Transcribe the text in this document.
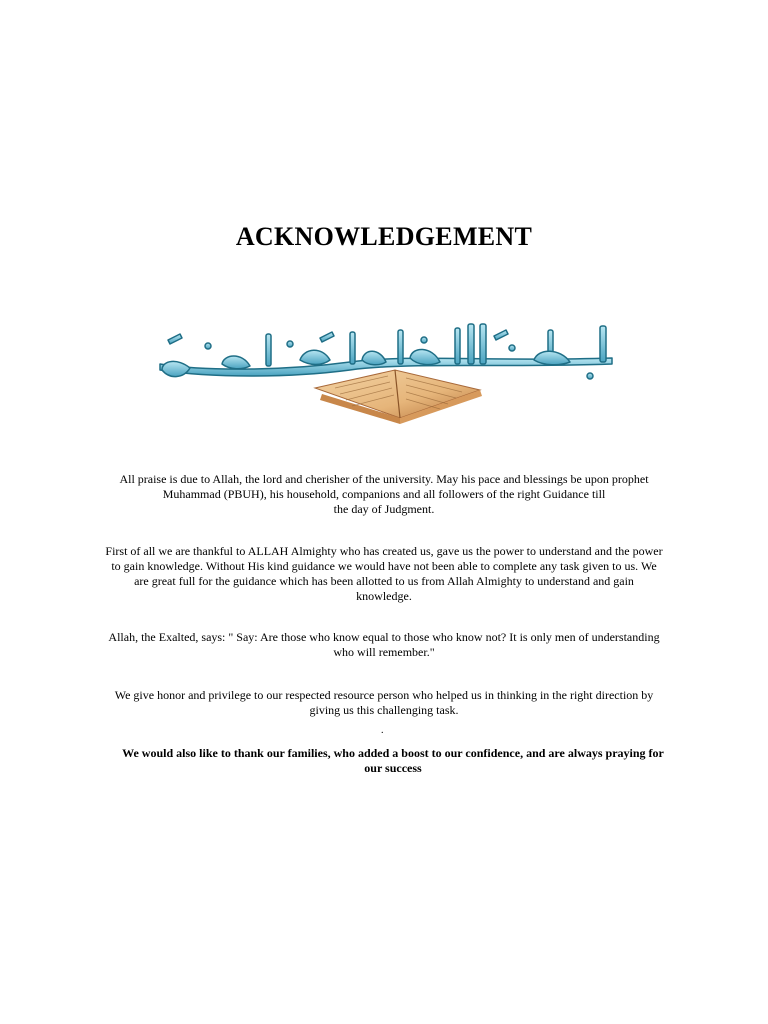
ACKNOWLEDGEMENT
All praise is due to Allah, the lord and cherisher of the university. May his pace and blessings be upon prophet
Muhammad (PBUH), his household, companions and all followers of the right Guidance till
the day of Judgment.
First of all we are thankful to ALLAH Almighty who has created us, gave us the power to understand and the power
to gain knowledge. Without His kind guidance we would have not been able to complete any task given to us. We
are great full for the guidance which has been allotted to us from Allah Almighty to understand and gain
knowledge.
Allah, the Exalted, says: " Say: Are those who know equal to those who know not? It is only men of understanding
who will remember."
We give honor and privilege to our respected resource person who helped us in thinking in the right direction by
giving us this challenging task.
.
We would also like to thank our families, who added a boost to our confidence, and are always praying for
our success
